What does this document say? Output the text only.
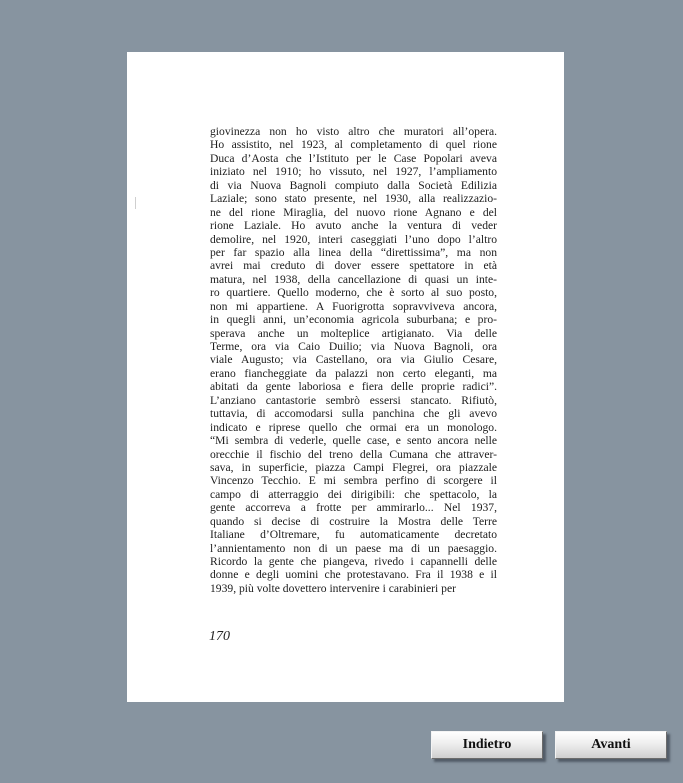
giovinezza non ho visto altro che muratori all’opera.
Ho assistito, nel 1923, al completamento di quel rione
Duca d’Aosta che l’Istituto per le Case Popolari aveva
iniziato nel 1910; ho vissuto, nel 1927, l’ampliamento
di via Nuova Bagnoli compiuto dalla Società Edilizia
Laziale; sono stato presente, nel 1930, alla realizzazio-
ne del rione Miraglia, del nuovo rione Agnano e del
rione Laziale. Ho avuto anche la ventura di veder
demolire, nel 1920, interi caseggiati l’uno dopo l’altro
per far spazio alla linea della “direttissima”, ma non
avrei mai creduto di dover essere spettatore in età
matura, nel 1938, della cancellazione di quasi un inte-
ro quartiere. Quello moderno, che è sorto al suo posto,
non mi appartiene. A Fuorigrotta sopravviveva ancora,
in quegli anni, un’economia agricola suburbana; e pro-
sperava anche un molteplice artigianato. Via delle
Terme, ora via Caio Duilio; via Nuova Bagnoli, ora
viale Augusto; via Castellano, ora via Giulio Cesare,
erano fiancheggiate da palazzi non certo eleganti, ma
abitati da gente laboriosa e fiera delle proprie radici”.
L’anziano cantastorie sembrò essersi stancato. Rifiutò,
tuttavia, di accomodarsi sulla panchina che gli avevo
indicato e riprese quello che ormai era un monologo.
“Mi sembra di vederle, quelle case, e sento ancora nelle
orecchie il fischio del treno della Cumana che attraver-
sava, in superficie, piazza Campi Flegrei, ora piazzale
Vincenzo Tecchio. E mi sembra perfino di scorgere il
campo di atterraggio dei dirigibili: che spettacolo, la
gente accorreva a frotte per ammirarlo... Nel 1937,
quando si decise di costruire la Mostra delle Terre
Italiane d’Oltremare, fu automaticamente decretato
l’annientamento non di un paese ma di un paesaggio.
Ricordo la gente che piangeva, rivedo i capannelli delle
donne e degli uomini che protestavano. Fra il 1938 e il
1939, più volte dovettero intervenire i carabinieri per
170
Indietro	Avanti
